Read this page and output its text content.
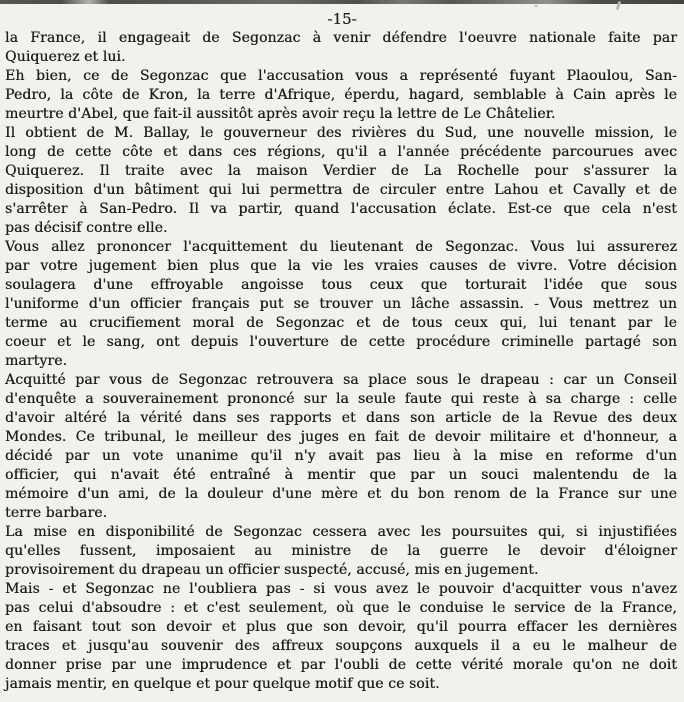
-15-
la France, il engageait de Segonzac à venir défendre l'oeuvre nationale faite par
Quiquerez et lui.
Eh bien, ce de Segonzac que l'accusation vous a représenté fuyant Plaoulou, San-
Pedro, la côte de Kron, la terre d'Afrique, éperdu, hagard, semblable à Cain après le
meurtre d'Abel, que fait-il aussitôt après avoir reçu la lettre de Le Châtelier.
Il obtient de M. Ballay, le gouverneur des rivières du Sud, une nouvelle mission, le
long de cette côte et dans ces régions, qu'il a l'année précédente parcourues avec
Quiquerez. Il traite avec la maison Verdier de La Rochelle pour s'assurer la
disposition d'un bâtiment qui lui permettra de circuler entre Lahou et Cavally et de
s'arrêter à San-Pedro. Il va partir, quand l'accusation éclate. Est-ce que cela n'est
pas décisif contre elle.
Vous allez prononcer l'acquittement du lieutenant de Segonzac. Vous lui assurerez
par votre jugement bien plus que la vie les vraies causes de vivre. Votre décision
soulagera d'une effroyable angoisse tous ceux que torturait l'idée que sous
l'uniforme d'un officier français put se trouver un lâche assassin. - Vous mettrez un
terme au crucifiement moral de Segonzac et de tous ceux qui, lui tenant par le
coeur et le sang, ont depuis l'ouverture de cette procédure criminelle partagé son
martyre.
Acquitté par vous de Segonzac retrouvera sa place sous le drapeau : car un Conseil
d'enquête a souverainement prononcé sur la seule faute qui reste à sa charge : celle
d'avoir altéré la vérité dans ses rapports et dans son article de la Revue des deux
Mondes. Ce tribunal, le meilleur des juges en fait de devoir militaire et d'honneur, a
décidé par un vote unanime qu'il n'y avait pas lieu à la mise en reforme d'un
officier, qui n'avait été entraîné à mentir que par un souci malentendu de la
mémoire d'un ami, de la douleur d'une mère et du bon renom de la France sur une
terre barbare.
La mise en disponibilité de Segonzac cessera avec les poursuites qui, si injustifiées
qu'elles fussent, imposaient au ministre de la guerre le devoir d'éloigner
provisoirement du drapeau un officier suspecté, accusé, mis en jugement.
Mais - et Segonzac ne l'oubliera pas - si vous avez le pouvoir d'acquitter vous n'avez
pas celui d'absoudre : et c'est seulement, où que le conduise le service de la France,
en faisant tout son devoir et plus que son devoir, qu'il pourra effacer les dernières
traces et jusqu'au souvenir des affreux soupçons auxquels il a eu le malheur de
donner prise par une imprudence et par l'oubli de cette vérité morale qu'on ne doit
jamais mentir, en quelque et pour quelque motif que ce soit.
